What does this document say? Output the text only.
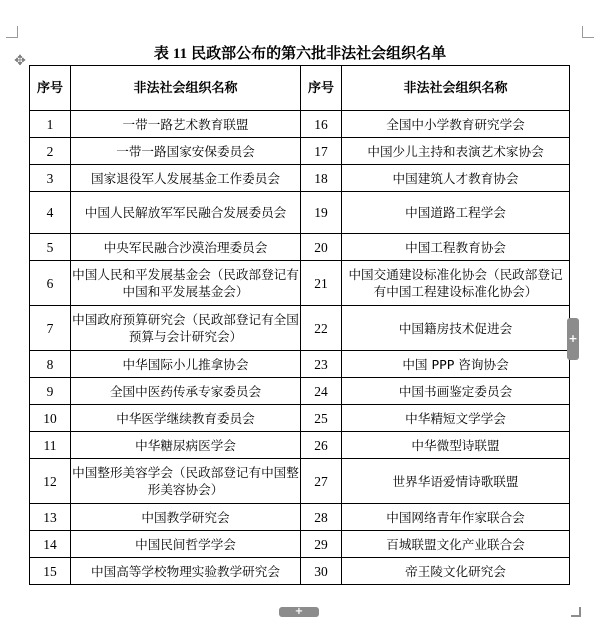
✥	表 11 民政部公布的第六批非法社会组织名单
序号	非法社会组织名称	序号	非法社会组织名称
1	一带一路艺术教育联盟	16	全国中小学教育研究学会
2	一带一路国家安保委员会	17	中国少儿主持和表演艺术家协会
3	国家退役军人发展基金工作委员会	18	中国建筑人才教育协会
4	中国人民解放军军民融合发展委员会	19	中国道路工程学会
5	中央军民融合沙漠治理委员会	20	中国工程教育协会
6	中国人民和平发展基金会（民政部登记有中国和平发展基金会）	21	中国交通建设标准化协会（民政部登记有中国工程建设标准化协会）
7	中国政府预算研究会（民政部登记有全国预算与会计研究会）	22	中国籍房技术促进会
8	中华国际小儿推拿协会	23	中国 PPP 咨询协会
9	全国中医药传承专家委员会	24	中国书画鉴定委员会
10	中华医学继续教育委员会	25	中华精短文学学会
11	中华糖尿病医学会	26	中华微型诗联盟
12	中国整形美容学会（民政部登记有中国整形美容协会）	27	世界华语爱情诗歌联盟
13	中国教学研究会	28	中国网络青年作家联合会
14	中国民间哲学学会	29	百城联盟文化产业联合会
15	中国高等学校物理实验教学研究会	30	帝王陵文化研究会
+
+
